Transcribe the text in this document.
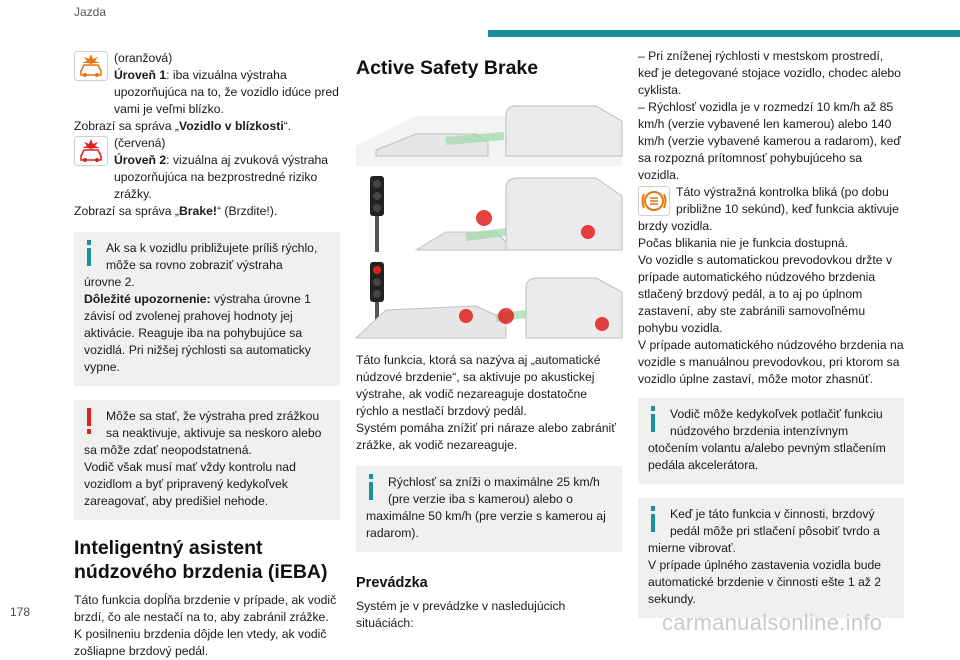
Jazda

(oranžová)

Úroveň 1: iba vizuálna výstraha upozorňujúca na to, že vozidlo idúce pred vami je veľmi blízko.

Zobrazí sa správa „Vozidlo v blízkosti“.

(červená)

Úroveň 2: vizuálna aj zvuková výstraha upozorňujúca na bezprostredné riziko zrážky.

Zobrazí sa správa „Brake!“ (Brzdite!).

Ak sa k vozidlu približujete príliš rýchlo, môže sa rovno zobraziť výstraha

úrovne 2.

Dôležité upozornenie: výstraha úrovne 1 závisí od zvolenej prahovej hodnoty jej aktivácie. Reaguje iba na pohybujúce sa vozidlá. Pri nižšej rýchlosti sa automaticky vypne.

Môže sa stať, že výstraha pred zrážkou sa neaktivuje, aktivuje sa neskoro alebo

sa môže zdať neopodstatnená.

Vodič však musí mať vždy kontrolu nad vozidlom a byť pripravený kedykoľvek zareagovať, aby predišiel nehode.

Inteligentný asistent núdzového brzdenia (iEBA)

Táto funkcia dopĺňa brzdenie v prípade, ak vodič brzdí, čo ale nestačí na to, aby zabránil zrážke. K posilneniu brzdenia dôjde len vtedy, ak vodič zošliapne brzdový pedál.

Active Safety Brake

Táto funkcia, ktorá sa nazýva aj „automatické núdzové brzdenie“, sa aktivuje po akustickej výstrahe, ak vodič nezareaguje dostatočne rýchlo a nestlačí brzdový pedál.

Systém pomáha znížiť pri náraze alebo zabrániť zrážke, ak vodič nezareaguje.

Rýchlosť sa zníži o maximálne 25 km/h (pre verzie iba s kamerou) alebo o

maximálne 50 km/h (pre verzie s kamerou aj radarom).

Prevádzka

Systém je v prevádzke v nasledujúcich situáciách:

– Pri zníženej rýchlosti v mestskom prostredí, keď je detegované stojace vozidlo, chodec alebo cyklista.

– Rýchlosť vozidla je v rozmedzí 10 km/h až 85 km/h (verzie vybavené len kamerou) alebo 140 km/h (verzie vybavené kamerou a radarom), keď sa rozpozná prítomnosť pohybujúceho sa vozidla.

Táto výstražná kontrolka bliká (po dobu približne 10 sekúnd), keď funkcia aktivuje brzdy vozidla.

Počas blikania nie je funkcia dostupná.

Vo vozidle s automatickou prevodovkou držte v prípade automatického núdzového brzdenia stlačený brzdový pedál, a to aj po úplnom zastavení, aby ste zabránili samovoľnému pohybu vozidla.

V prípade automatického núdzového brzdenia na vozidle s manuálnou prevodovkou, pri ktorom sa vozidlo úplne zastaví, môže motor zhasnúť.

Vodič môže kedykoľvek potlačiť funkciu núdzového brzdenia intenzívnym

otočením volantu a/alebo pevným stlačením pedála akcelerátora.

Keď je táto funkcia v činnosti, brzdový pedál môže pri stlačení pôsobiť tvrdo a

mierne vibrovať.

V prípade úplného zastavenia vozidla bude automatické brzdenie v činnosti ešte 1 až 2 sekundy.

178	carmanualsonline.info
